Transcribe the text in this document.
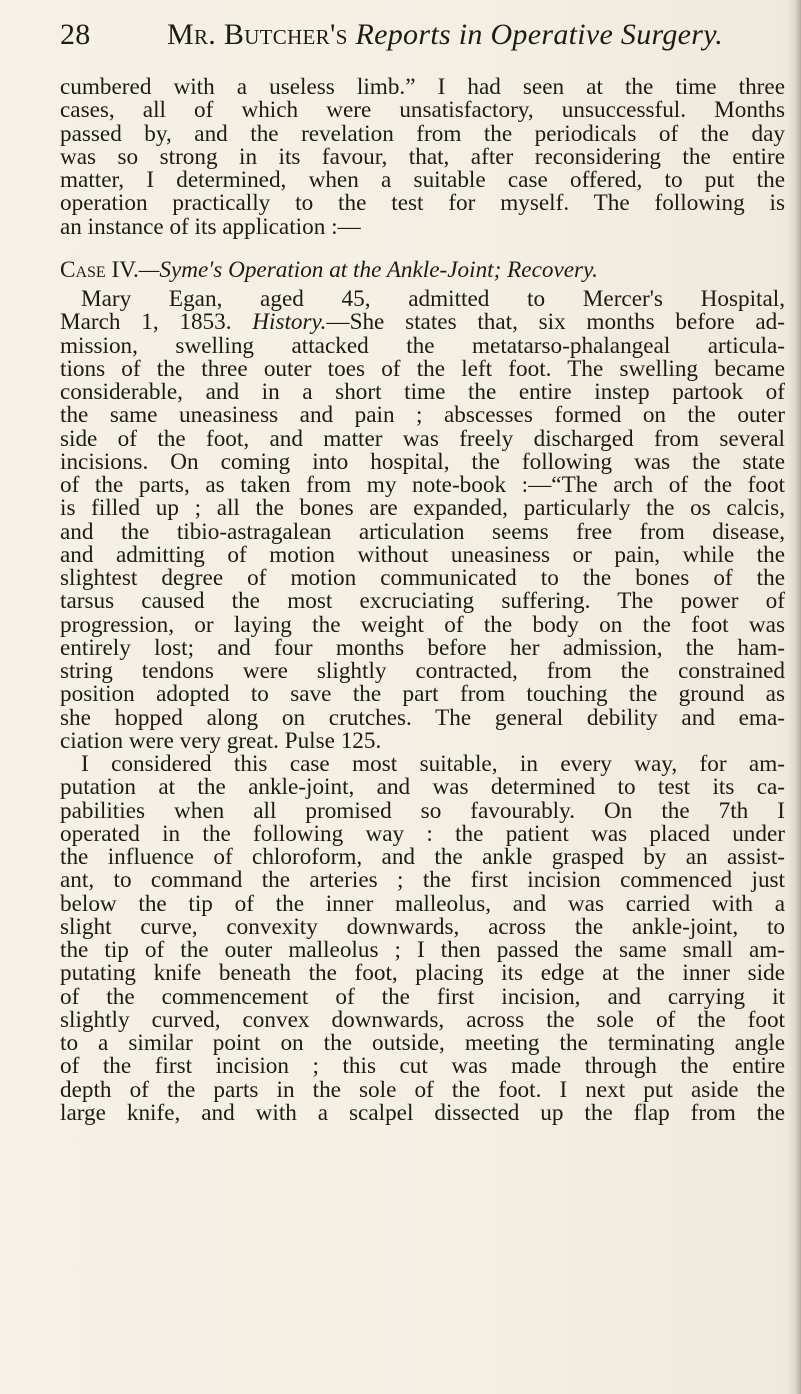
28	Mr. Butcher's Reports in Operative Surgery.
cumbered with a useless limb.” I had seen at the time three
cases, all of which were unsatisfactory, unsuccessful. Months
passed by, and the revelation from the periodicals of the day
was so strong in its favour, that, after reconsidering the entire
matter, I determined, when a suitable case offered, to put the
operation practically to the test for myself. The following is
an instance of its application :—
Case IV.—Syme's Operation at the Ankle-Joint; Recovery.
Mary Egan, aged 45, admitted to Mercer's Hospital,
March 1, 1853. History.—She states that, six months before ad-
mission, swelling attacked the metatarso-phalangeal articula-
tions of the three outer toes of the left foot. The swelling became
considerable, and in a short time the entire instep partook of
the same uneasiness and pain ; abscesses formed on the outer
side of the foot, and matter was freely discharged from several
incisions. On coming into hospital, the following was the state
of the parts, as taken from my note-book :—“The arch of the foot
is filled up ; all the bones are expanded, particularly the os calcis,
and the tibio-astragalean articulation seems free from disease,
and admitting of motion without uneasiness or pain, while the
slightest degree of motion communicated to the bones of the
tarsus caused the most excruciating suffering. The power of
progression, or laying the weight of the body on the foot was
entirely lost; and four months before her admission, the ham-
string tendons were slightly contracted, from the constrained
position adopted to save the part from touching the ground as
she hopped along on crutches. The general debility and ema-
ciation were very great. Pulse 125.
I considered this case most suitable, in every way, for am-
putation at the ankle-joint, and was determined to test its ca-
pabilities when all promised so favourably. On the 7th I
operated in the following way : the patient was placed under
the influence of chloroform, and the ankle grasped by an assist-
ant, to command the arteries ; the first incision commenced just
below the tip of the inner malleolus, and was carried with a
slight curve, convexity downwards, across the ankle-joint, to
the tip of the outer malleolus ; I then passed the same small am-
putating knife beneath the foot, placing its edge at the inner side
of the commencement of the first incision, and carrying it
slightly curved, convex downwards, across the sole of the foot
to a similar point on the outside, meeting the terminating angle
of the first incision ; this cut was made through the entire
depth of the parts in the sole of the foot. I next put aside the
large knife, and with a scalpel dissected up the flap from the
